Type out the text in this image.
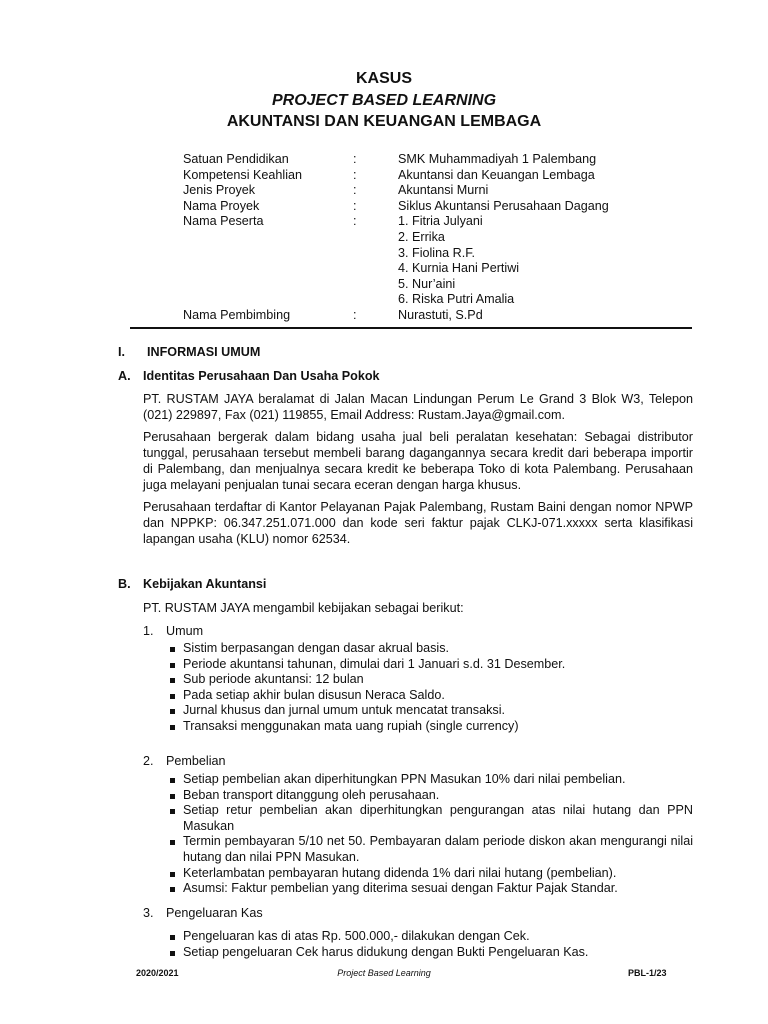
KASUS
PROJECT BASED LEARNING
AKUNTANSI DAN KEUANGAN LEMBAGA
Satuan Pendidikan	:	SMK Muhammadiyah 1 Palembang
Kompetensi Keahlian	:	Akuntansi dan Keuangan Lembaga
Jenis Proyek	:	Akuntansi Murni
Nama Proyek	:	Siklus Akuntansi Perusahaan Dagang
Nama Peserta	:	1. Fitria Julyani
2. Errika
3. Fiolina R.F.
4. Kurnia Hani Pertiwi
5. Nur’aini
6. Riska Putri Amalia
Nama Pembimbing	:	Nurastuti, S.Pd
I. INFORMASI UMUM
A. Identitas Perusahaan Dan Usaha Pokok
PT. RUSTAM JAYA beralamat di Jalan Macan Lindungan Perum Le Grand 3 Blok W3, Telepon (021) 229897, Fax (021) 119855, Email Address: Rustam.Jaya@gmail.com.
Perusahaan bergerak dalam bidang usaha jual beli peralatan kesehatan: Sebagai distributor tunggal, perusahaan tersebut membeli barang dagangannya secara kredit dari beberapa importir di Palembang, dan menjualnya secara kredit ke beberapa Toko di kota Palembang. Perusahaan juga melayani penjualan tunai secara eceran dengan harga khusus.
Perusahaan terdaftar di Kantor Pelayanan Pajak Palembang, Rustam Baini dengan nomor NPWP dan NPPKP: 06.347.251.071.000 dan kode seri faktur pajak CLKJ-071.xxxxx serta klasifikasi lapangan usaha (KLU) nomor 62534.
B. Kebijakan Akuntansi
PT. RUSTAM JAYA mengambil kebijakan sebagai berikut:
1. Umum
Sistim berpasangan dengan dasar akrual basis.
Periode akuntansi tahunan, dimulai dari 1 Januari s.d. 31 Desember.
Sub periode akuntansi: 12 bulan
Pada setiap akhir bulan disusun Neraca Saldo.
Jurnal khusus dan jurnal umum untuk mencatat transaksi.
Transaksi menggunakan mata uang rupiah (single currency)
2. Pembelian
Setiap pembelian akan diperhitungkan PPN Masukan 10% dari nilai pembelian.
Beban transport ditanggung oleh perusahaan.
Setiap retur pembelian akan diperhitungkan pengurangan atas nilai hutang dan PPN Masukan
Termin pembayaran 5/10 net 50. Pembayaran dalam periode diskon akan mengurangi nilai hutang dan nilai PPN Masukan.
Keterlambatan pembayaran hutang didenda 1% dari nilai hutang (pembelian).
Asumsi: Faktur pembelian yang diterima sesuai dengan Faktur Pajak Standar.
3. Pengeluaran Kas
Pengeluaran kas di atas Rp. 500.000,- dilakukan dengan Cek.
Setiap pengeluaran Cek harus didukung dengan Bukti Pengeluaran Kas.
2020/2021	Project Based Learning	PBL-1/23
